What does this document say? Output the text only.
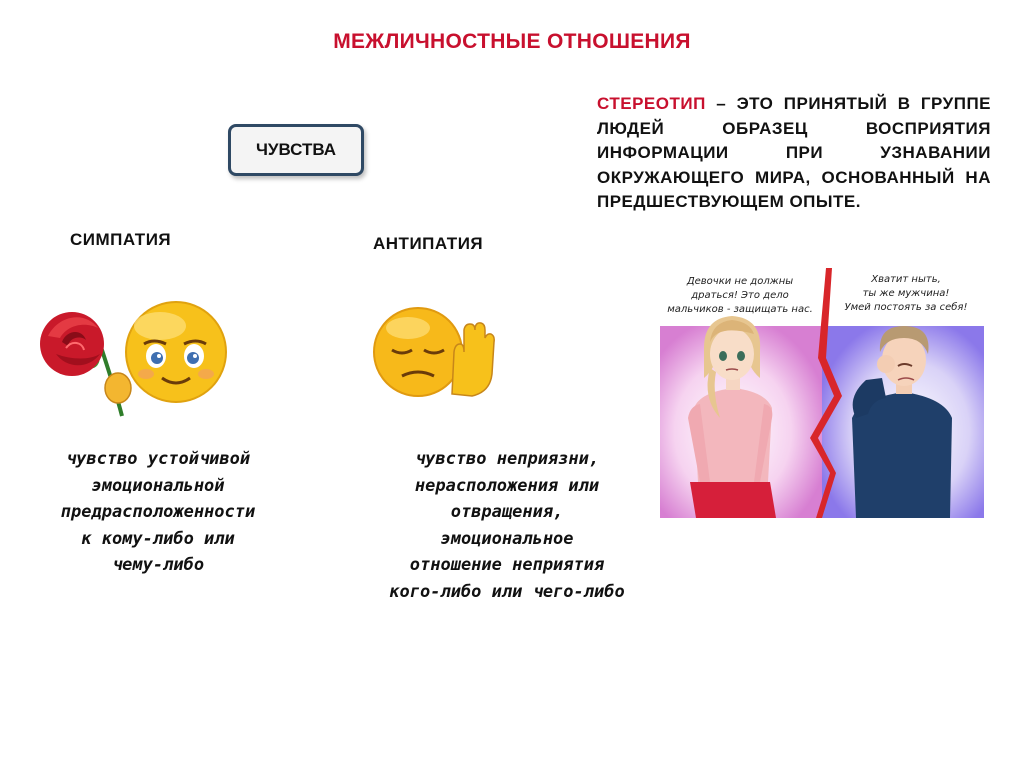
МЕЖЛИЧНОСТНЫЕ ОТНОШЕНИЯ
ЧУВСТВА
СИМПАТИЯ	АНТИПАТИЯ
СТЕРЕОТИП – ЭТО ПРИНЯТЫЙ В ГРУППЕ ЛЮДЕЙ ОБРАЗЕЦ ВОСПРИЯТИЯ ИНФОРМАЦИИ ПРИ УЗНАВАНИИ ОКРУЖАЮЩЕГО МИРА, ОСНОВАННЫЙ НА ПРЕДШЕСТВУЮЩЕМ ОПЫТЕ.
чувство устойчивой
эмоциональной
предрасположенности
к кому-либо или
чему-либо
чувство неприязни,
нерасположения или
отвращения,
эмоциональное
отношение неприятия
кого-либо или чего-либо
Девочки не должны
драться! Это дело
мальчиков - защищать нас.
Хватит ныть,
ты же мужчина!
Умей постоять за себя!
